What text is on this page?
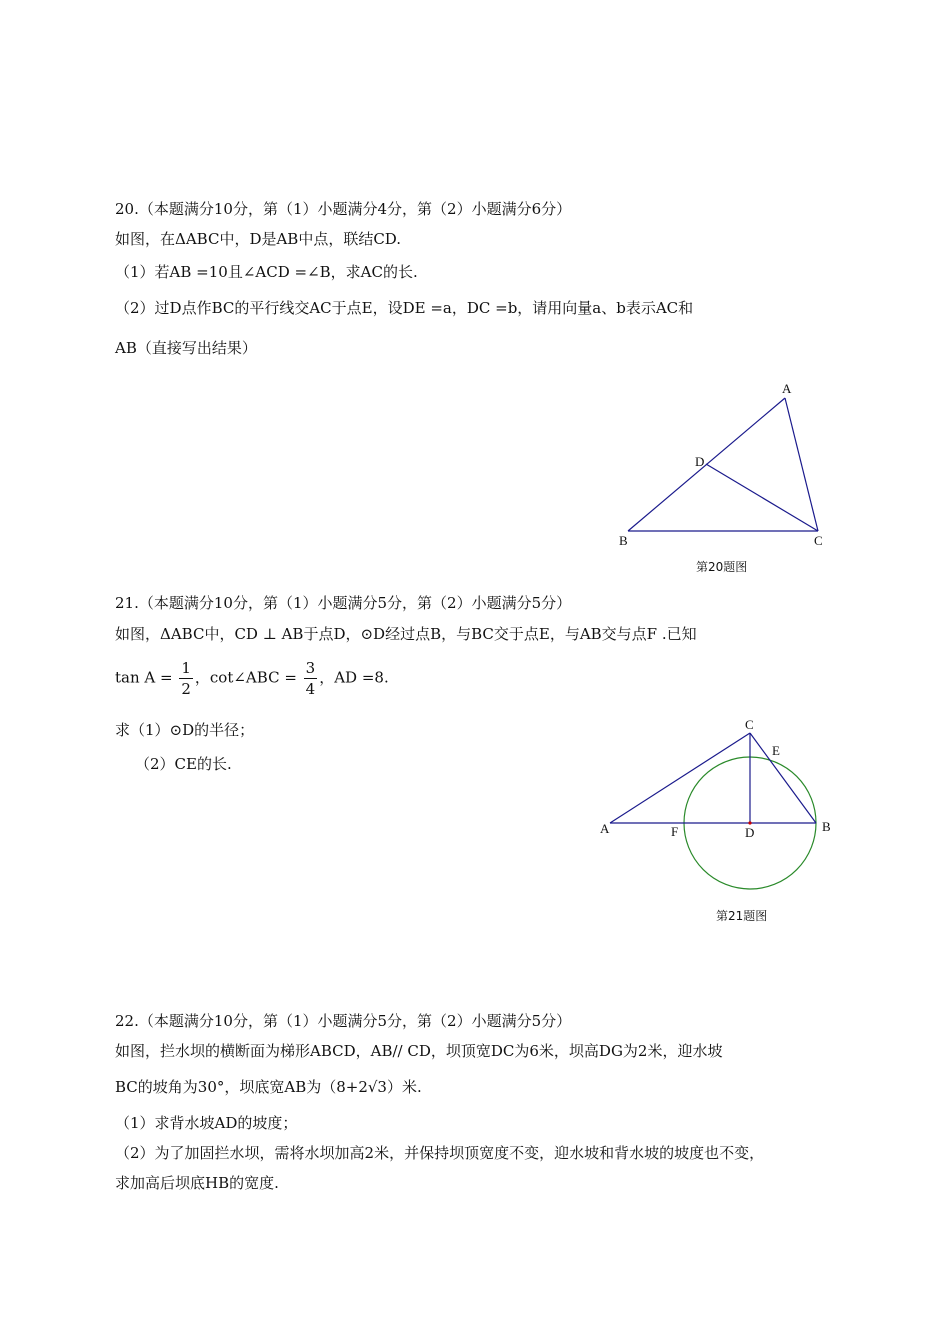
20.（本题满分10分，第（1）小题满分4分，第（2）小题满分6分）
如图，在ΔABC中，D是AB中点，联结CD.
（1）若AB =10且∠ACD =∠B，求AC的长.
（2）过D点作BC的平行线交AC于点E，设DE =a，DC =b，请用向量a、b表示AC和
AB（直接写出结果）
A
D
B	C
第20题图
21.（本题满分10分，第（1）小题满分5分，第（2）小题满分5分）
如图，ΔABC中，CD ⊥ AB于点D，⊙D经过点B，与BC交于点E，与AB交与点F .已知
$\tan A = \frac{1}{2}$ ，cot∠ABC = $\frac{3}{4}$ ，AD =8.
求（1）⊙D的半径；
（2）CE的长.
C
E
A	F	D	B
第21题图
22.（本题满分10分，第（1）小题满分5分，第（2）小题满分5分）
如图，拦水坝的横断面为梯形ABCD，AB// CD，坝顶宽DC为6米，坝高DG为2米，迎水坡
BC的坡角为30°，坝底宽AB为（8+2√3）米.
（1）求背水坡AD的坡度；
（2）为了加固拦水坝，需将水坝加高2米，并保持坝顶宽度不变，迎水坡和背水坡的坡度也不变，
求加高后坝底HB的宽度.
